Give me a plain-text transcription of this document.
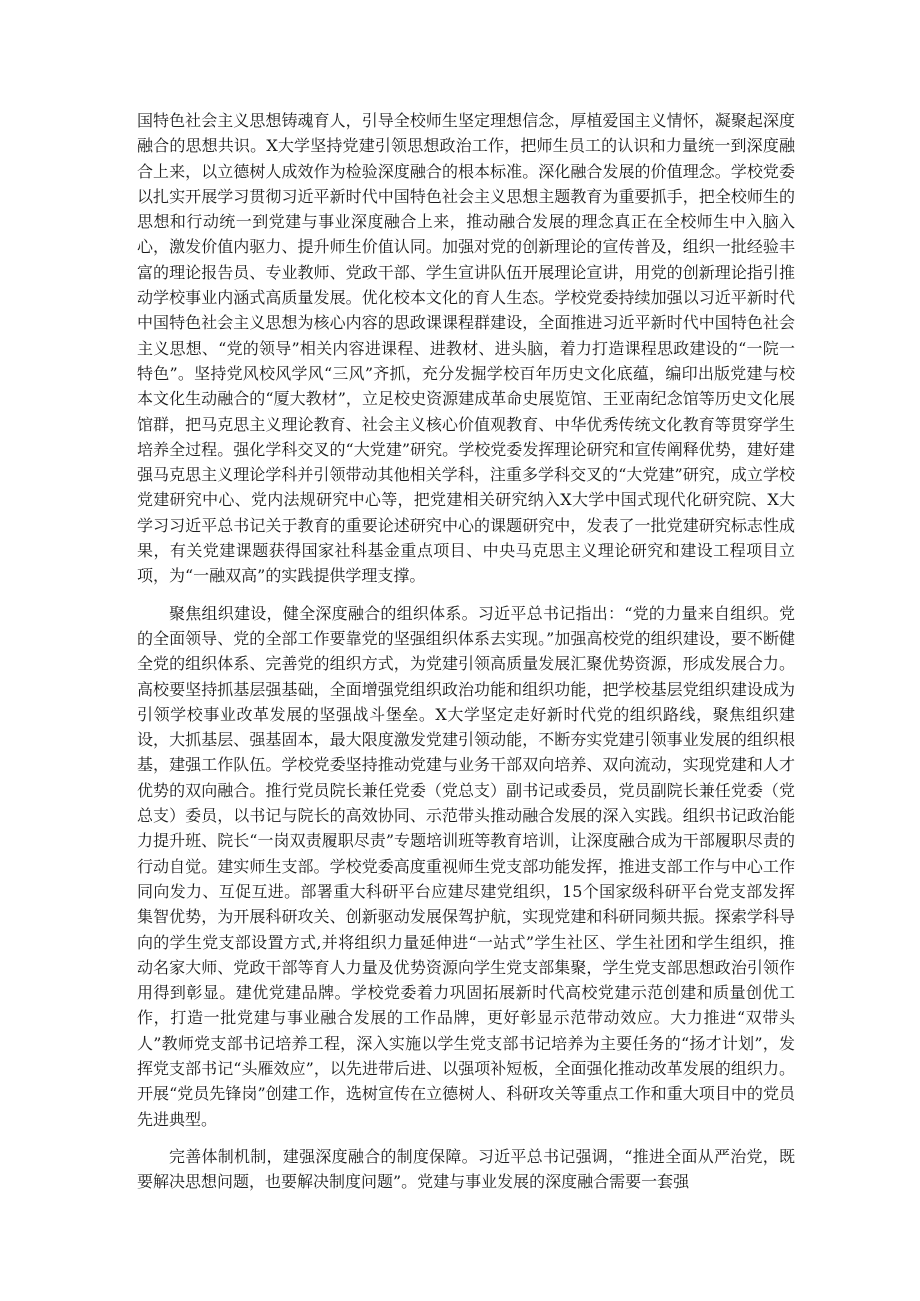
国特色社会主义思想铸魂育人，引导全校师生坚定理想信念，厚植爱国主义情怀，凝聚起深度融合的思想共识。X大学坚持党建引领思想政治工作，把师生员工的认识和力量统一到深度融合上来，以立德树人成效作为检验深度融合的根本标准。深化融合发展的价值理念。学校党委以扎实开展学习贯彻习近平新时代中国特色社会主义思想主题教育为重要抓手，把全校师生的思想和行动统一到党建与事业深度融合上来，推动融合发展的理念真正在全校师生中入脑入心，激发价值内驱力、提升师生价值认同。加强对党的创新理论的宣传普及，组织一批经验丰富的理论报告员、专业教师、党政干部、学生宣讲队伍开展理论宣讲，用党的创新理论指引推动学校事业内涵式高质量发展。优化校本文化的育人生态。学校党委持续加强以习近平新时代中国特色社会主义思想为核心内容的思政课课程群建设，全面推进习近平新时代中国特色社会主义思想、“党的领导”相关内容进课程、进教材、进头脑，着力打造课程思政建设的“一院一特色”。坚持党风校风学风“三风”齐抓，充分发掘学校百年历史文化底蕴，编印出版党建与校本文化生动融合的“厦大教材”，立足校史资源建成革命史展览馆、王亚南纪念馆等历史文化展馆群，把马克思主义理论教育、社会主义核心价值观教育、中华优秀传统文化教育等贯穿学生培养全过程。强化学科交叉的“大党建”研究。学校党委发挥理论研究和宣传阐释优势，建好建强马克思主义理论学科并引领带动其他相关学科，注重多学科交叉的“大党建”研究，成立学校党建研究中心、党内法规研究中心等，把党建相关研究纳入X大学中国式现代化研究院、X大学习习近平总书记关于教育的重要论述研究中心的课题研究中，发表了一批党建研究标志性成果，有关党建课题获得国家社科基金重点项目、中央马克思主义理论研究和建设工程项目立项，为“一融双高”的实践提供学理支撑。

聚焦组织建设，健全深度融合的组织体系。习近平总书记指出：“党的力量来自组织。党的全面领导、党的全部工作要靠党的坚强组织体系去实现。”加强高校党的组织建设，要不断健全党的组织体系、完善党的组织方式，为党建引领高质量发展汇聚优势资源，形成发展合力。高校要坚持抓基层强基础，全面增强党组织政治功能和组织功能，把学校基层党组织建设成为引领学校事业改革发展的坚强战斗堡垒。X大学坚定走好新时代党的组织路线，聚焦组织建设，大抓基层、强基固本，最大限度激发党建引领动能，不断夯实党建引领事业发展的组织根基，建强工作队伍。学校党委坚持推动党建与业务干部双向培养、双向流动，实现党建和人才优势的双向融合。推行党员院长兼任党委（党总支）副书记或委员，党员副院长兼任党委（党总支）委员，以书记与院长的高效协同、示范带头推动融合发展的深入实践。组织书记政治能力提升班、院长“一岗双责履职尽责”专题培训班等教育培训，让深度融合成为干部履职尽责的行动自觉。建实师生支部。学校党委高度重视师生党支部功能发挥，推进支部工作与中心工作同向发力、互促互进。部署重大科研平台应建尽建党组织，15个国家级科研平台党支部发挥集智优势，为开展科研攻关、创新驱动发展保驾护航，实现党建和科研同频共振。探索学科导向的学生党支部设置方式,并将组织力量延伸进“一站式”学生社区、学生社团和学生组织，推动名家大师、党政干部等育人力量及优势资源向学生党支部集聚，学生党支部思想政治引领作用得到彰显。建优党建品牌。学校党委着力巩固拓展新时代高校党建示范创建和质量创优工作，打造一批党建与事业融合发展的工作品牌，更好彰显示范带动效应。大力推进“双带头人”教师党支部书记培养工程，深入实施以学生党支部书记培养为主要任务的“扬才计划”，发挥党支部书记“头雁效应”，以先进带后进、以强项补短板，全面强化推动改革发展的组织力。开展“党员先锋岗”创建工作，选树宣传在立德树人、科研攻关等重点工作和重大项目中的党员先进典型。

完善体制机制，建强深度融合的制度保障。习近平总书记强调，“推进全面从严治党，既要解决思想问题，也要解决制度问题”。党建与事业发展的深度融合需要一套强
